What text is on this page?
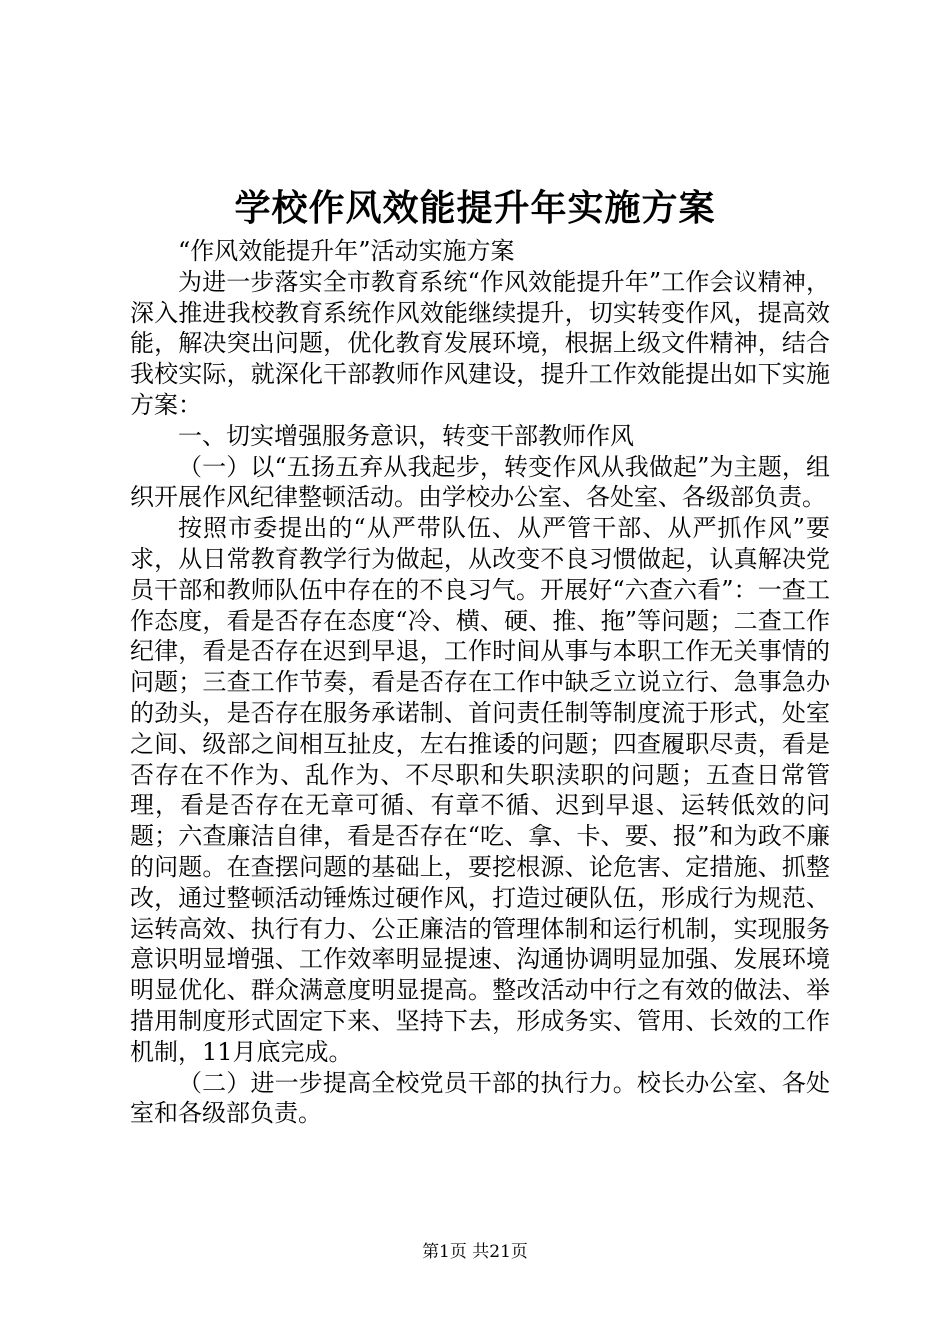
学校作风效能提升年实施方案

“作风效能提升年”活动实施方案

为进一步落实全市教育系统“作风效能提升年”工作会议精神，深入推进我校教育系统作风效能继续提升，切实转变作风，提高效能，解决突出问题，优化教育发展环境，根据上级文件精神，结合我校实际，就深化干部教师作风建设，提升工作效能提出如下实施方案：

一、切实增强服务意识，转变干部教师作风

（一）以“五扬五弃从我起步，转变作风从我做起”为主题，组织开展作风纪律整顿活动。由学校办公室、各处室、各级部负责。

按照市委提出的“从严带队伍、从严管干部、从严抓作风”要求，从日常教育教学行为做起，从改变不良习惯做起，认真解决党员干部和教师队伍中存在的不良习气。开展好“六查六看”：一查工作态度，看是否存在态度“冷、横、硬、推、拖”等问题；二查工作纪律，看是否存在迟到早退，工作时间从事与本职工作无关事情的问题；三查工作节奏，看是否存在工作中缺乏立说立行、急事急办的劲头，是否存在服务承诺制、首问责任制等制度流于形式，处室之间、级部之间相互扯皮，左右推诿的问题；四查履职尽责，看是否存在不作为、乱作为、不尽职和失职渎职的问题；五查日常管理，看是否存在无章可循、有章不循、迟到早退、运转低效的问题；六查廉洁自律，看是否存在“吃、拿、卡、要、报”和为政不廉的问题。在查摆问题的基础上，要挖根源、论危害、定措施、抓整改，通过整顿活动锤炼过硬作风，打造过硬队伍，形成行为规范、运转高效、执行有力、公正廉洁的管理体制和运行机制，实现服务意识明显增强、工作效率明显提速、沟通协调明显加强、发展环境明显优化、群众满意度明显提高。整改活动中行之有效的做法、举措用制度形式固定下来、坚持下去，形成务实、管用、长效的工作机制，11月底完成。

（二）进一步提高全校党员干部的执行力。校长办公室、各处室和各级部负责。

第1页 共21页
